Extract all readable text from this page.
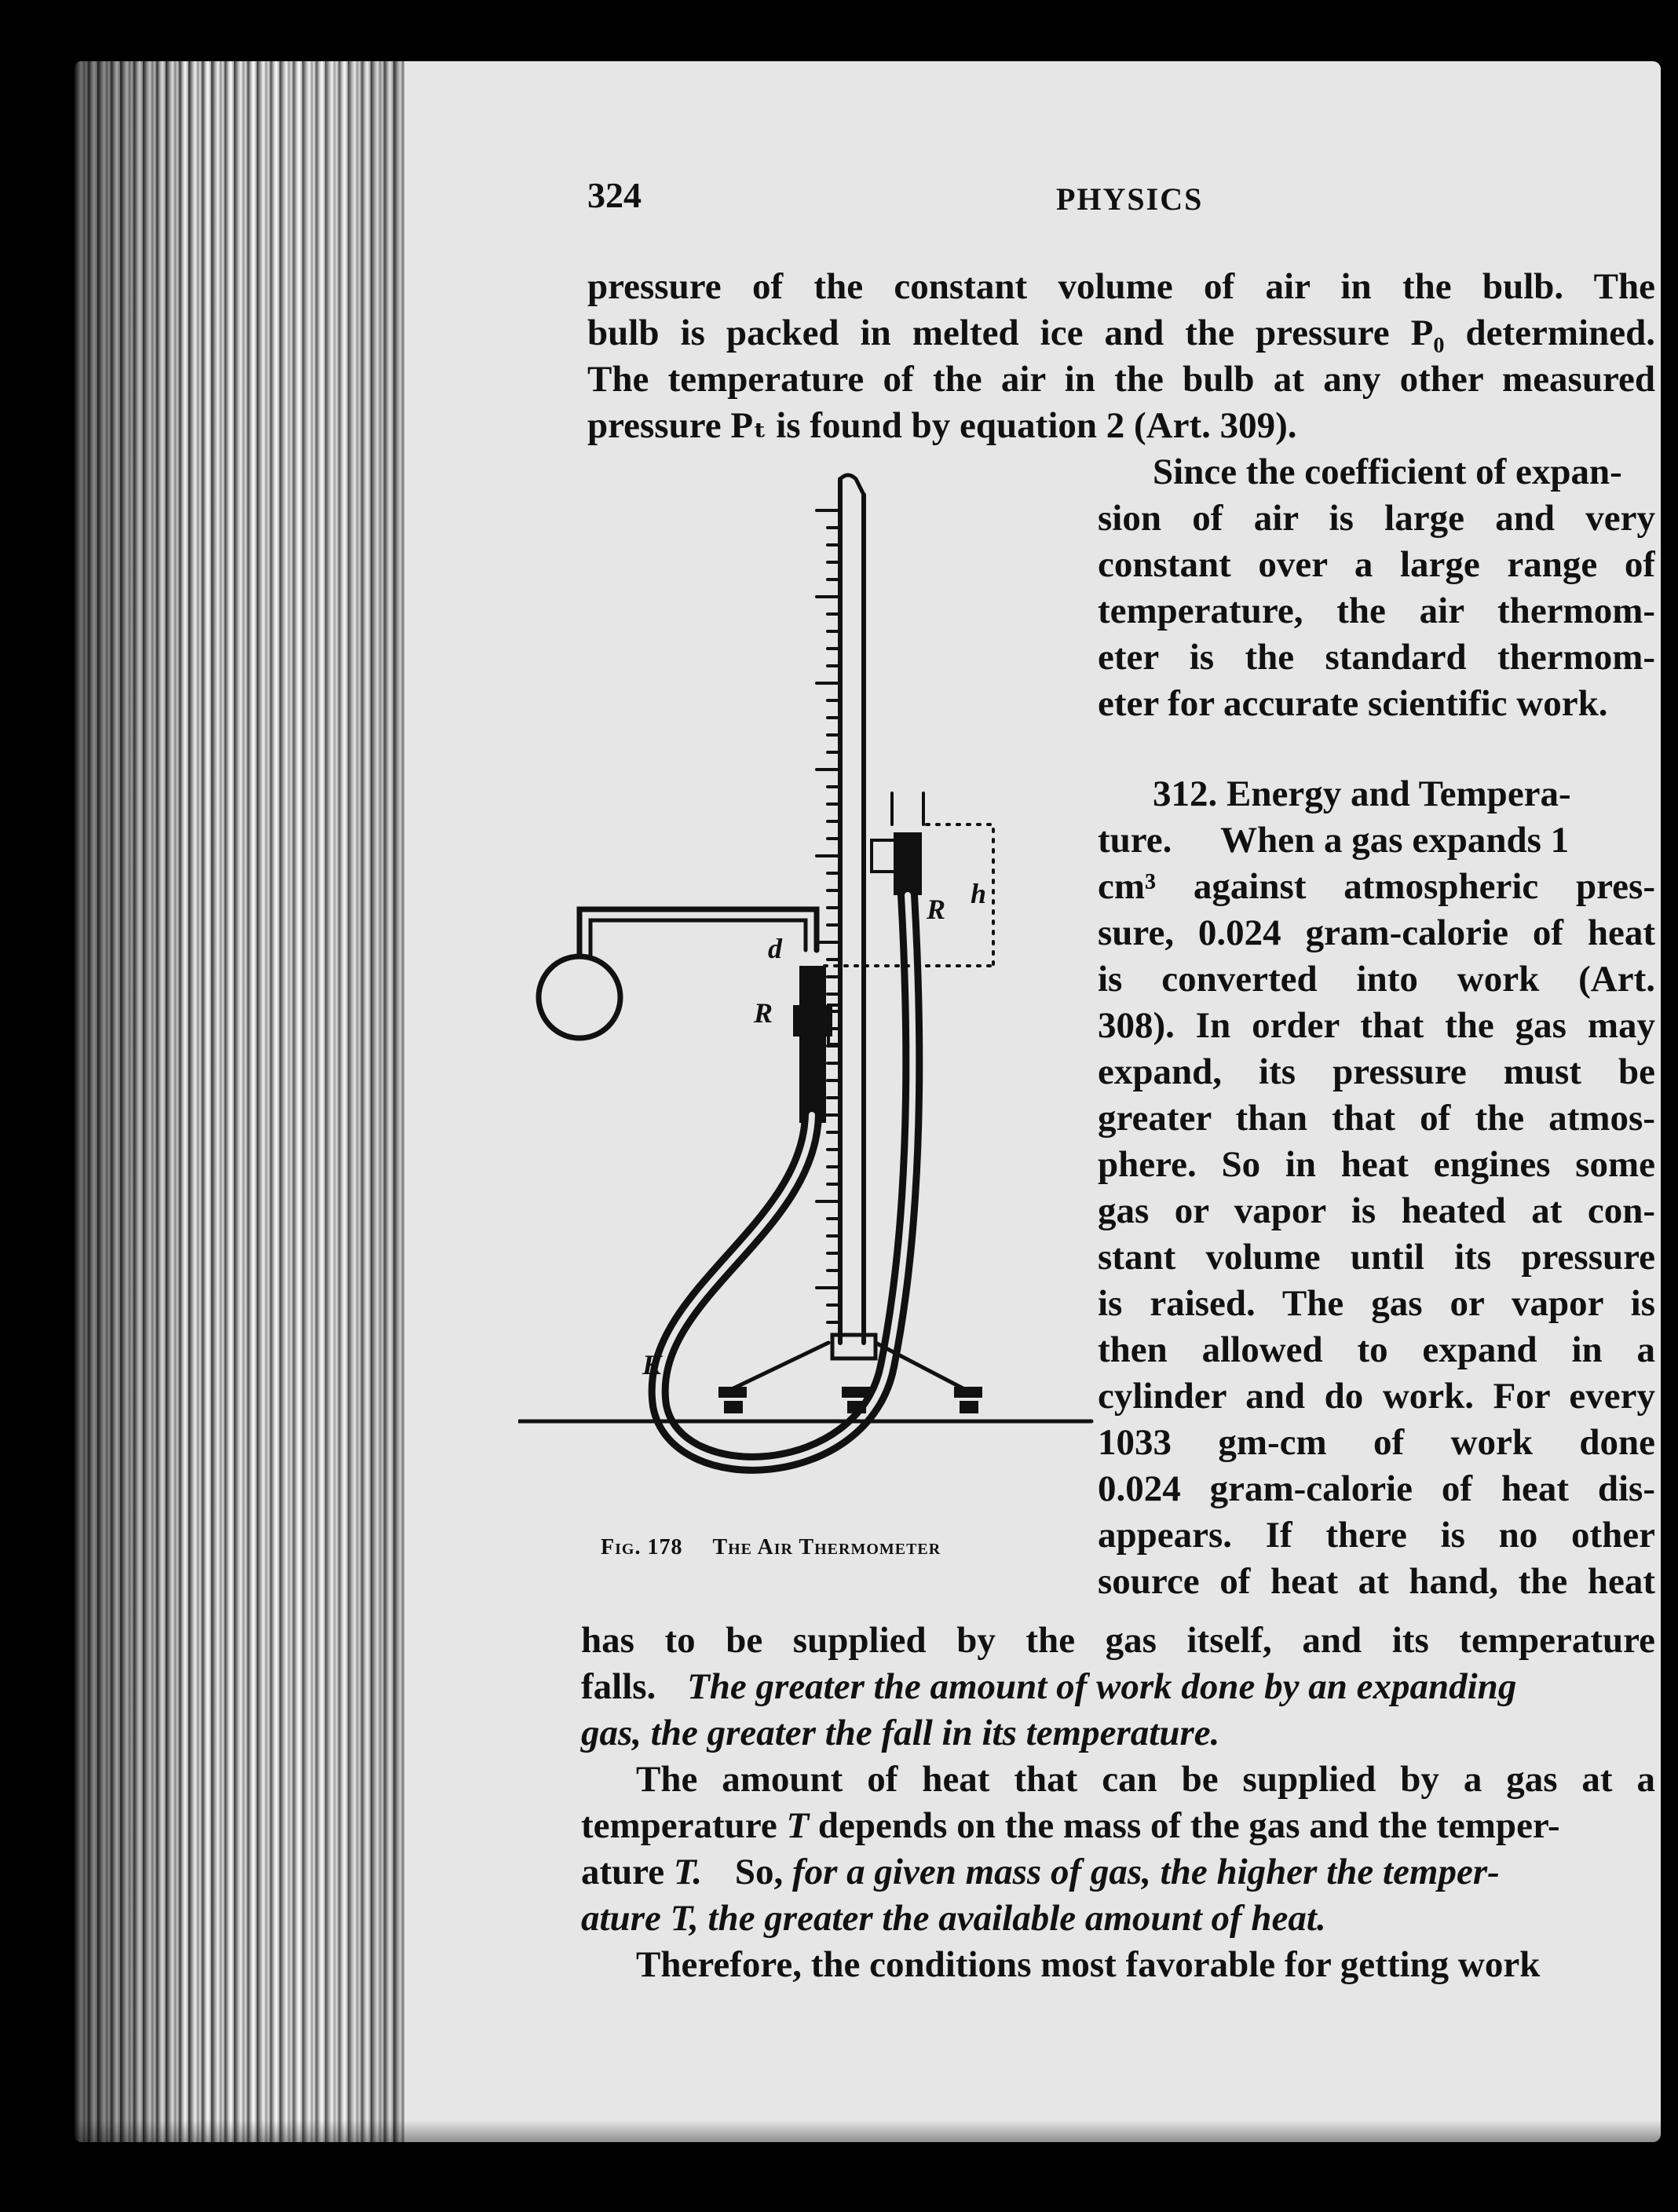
324	PHYSICS
pressure of the constant volume of air in the bulb. The
bulb is packed in melted ice and the pressure P₀ determined.
The temperature of the air in the bulb at any other measured
pressure Pₜ is found by equation 2 (Art. 309).
Since the coefficient of expan-
sion of air is large and very
constant over a large range of
temperature, the air thermom-
eter is the standard thermom-
eter for accurate scientific work.
312. Energy and Tempera-
ture. When a gas expands 1
cm³ against atmospheric pres-
sure, 0.024 gram-calorie of heat
is converted into work (Art.
308). In order that the gas may
expand, its pressure must be
greater than that of the atmos-
phere. So in heat engines some
gas or vapor is heated at con-
stant volume until its pressure
is raised. The gas or vapor is
then allowed to expand in a
cylinder and do work. For every
1033 gm-cm of work done
0.024 gram-calorie of heat dis-
appears. If there is no other
source of heat at hand, the heat
has to be supplied by the gas itself, and its temperature
falls. The greater the amount of work done by an expanding
gas, the greater the fall in its temperature.
The amount of heat that can be supplied by a gas at a
temperature T depends on the mass of the gas and the temper-
ature T. So, for a given mass of gas, the higher the temper-
ature T, the greater the available amount of heat.
Therefore, the conditions most favorable for getting work
d
R h
R
K
Fig. 178 The Air Thermometer
